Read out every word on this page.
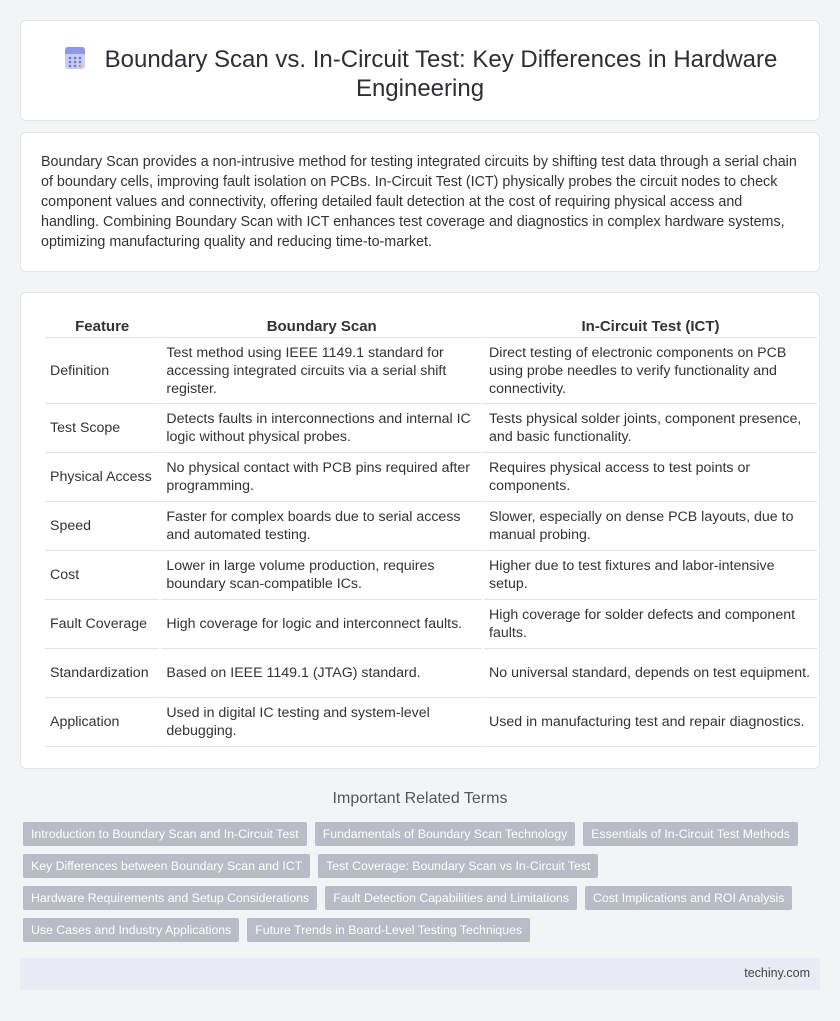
Boundary Scan vs. In-Circuit Test: Key Differences in Hardware Engineering

Boundary Scan provides a non-intrusive method for testing integrated circuits by shifting test data through a serial chain of boundary cells, improving fault isolation on PCBs. In-Circuit Test (ICT) physically probes the circuit nodes to check component values and connectivity, offering detailed fault detection at the cost of requiring physical access and handling. Combining Boundary Scan with ICT enhances test coverage and diagnostics in complex hardware systems, optimizing manufacturing quality and reducing time-to-market.

Feature	Boundary Scan	In-Circuit Test (ICT)
Definition	Test method using IEEE 1149.1 standard for accessing integrated circuits via a serial shift register.	Direct testing of electronic components on PCB using probe needles to verify functionality and connectivity.
Test Scope	Detects faults in interconnections and internal IC logic without physical probes.	Tests physical solder joints, component presence, and basic functionality.
Physical Access	No physical contact with PCB pins required after programming.	Requires physical access to test points or components.
Speed	Faster for complex boards due to serial access and automated testing.	Slower, especially on dense PCB layouts, due to manual probing.
Cost	Lower in large volume production, requires boundary scan-compatible ICs.	Higher due to test fixtures and labor-intensive setup.
Fault Coverage	High coverage for logic and interconnect faults.	High coverage for solder defects and component faults.
Standardization	Based on IEEE 1149.1 (JTAG) standard.	No universal standard, depends on test equipment.
Application	Used in digital IC testing and system-level debugging.	Used in manufacturing test and repair diagnostics.
Important Related Terms
Introduction to Boundary Scan and In-Circuit Test	Fundamentals of Boundary Scan Technology	Essentials of In-Circuit Test Methods
Key Differences between Boundary Scan and ICT	Test Coverage: Boundary Scan vs In-Circuit Test
Hardware Requirements and Setup Considerations	Fault Detection Capabilities and Limitations	Cost Implications and ROI Analysis
Use Cases and Industry Applications	Future Trends in Board-Level Testing Techniques
techiny.com
